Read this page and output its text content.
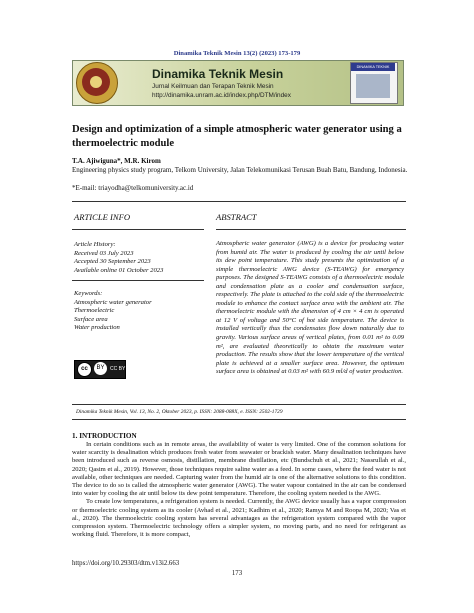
Dinamika Teknik Mesin 13(2) (2023) 173-179
Dinamika Teknik Mesin
Jurnal Keilmuan dan Terapan Teknik Mesin
http://dinamika.unram.ac.id/index.php/DTM/index
DINAMIKA TEKNIK
Design and optimization of a simple atmospheric water generator using a thermoelectric module
T.A. Ajiwiguna*, M.R. Kirom
Engineering physics study program, Telkom University, Jalan Telekomunikasi Terusan Buah Batu, Bandung, Indonesia.
*E-mail: triayodha@telkomuniversity.ac.id
ARTICLE INFO	ABSTRACT
Article History:
Received 03 July 2023
Accepted 30 September 2023
Available online 01 October 2023
Keywords:
Atmospheric water generator
Thermoelectric
Surface area
Water production
cc	BY	CC BY
Atmospheric water generator (AWG) is a device for producing water from humid air. The water is produced by cooling the air until below its dew point temperature. This study presents the optimization of a simple thermoelectric AWG device (S-TEAWG) for emergency purposes. The designed S-TEAWG consists of a thermoelectric module and condensation plate as a cooler and condensation surface, respectively. The plate is attached to the cold side of the thermoelectric module to enhance the contact surface area with the ambient air. The thermoelectric module with the dimension of 4 cm × 4 cm is operated at 12 V of voltage and 50°C of hot side temperature. The device is installed vertically thus the condensates flow down naturally due to gravity. Various surface areas of vertical plates, from 0.01 m² to 0.09 m², are evaluated theoretically to obtain the maximum water production. The results show that the lower temperature of the vertical plate is achieved at a smaller surface area. However, the optimum surface area is obtained at 0.03 m² with 60.9 ml/d of water production.
Dinamika Teknik Mesin, Vol. 13, No. 2, Oktober 2023, p. ISSN: 2088-088X, e. ISSN: 2502-1729
1. INTRODUCTION

In certain conditions such as in remote areas, the availability of water is very limited. One of the common solutions for water scarcity is desalination which produces fresh water from seawater or brackish water. Many desalination techniques have been introduced such as reverse osmosis, distillation, membrane distillation, etc (Bundschuh et al., 2021; Nassrullah et al., 2020; Qasim et al., 2019). However, those techniques require saline water as a feed. In some cases, where the feed water is not available, other techniques are needed. Capturing water from the humid air is one of the alternative solutions to this condition. The device to do so is called the atmospheric water generator (AWG). The water vapour contained in the air can be condensed into water by cooling the air until below its dew point temperature. Therefore, the cooling system needed is the AWG.

To create low temperatures, a refrigeration system is needed. Currently, the AWG device usually has a vapor compression or thermoelectric cooling system as its cooler (Avhad et al., 2021; Kadhim et al., 2020; Ramya M and Roopa M, 2020; Vas et al., 2020). The thermoelectric cooling system has several advantages as the refrigeration system compared with the vapor compression system. Thermoelectric technology offers a simpler system, no moving parts, and no need for refrigerant as working fluid. Therefore, it is more compact,

https://doi.org/10.29303/dtm.v13i2.663
173
